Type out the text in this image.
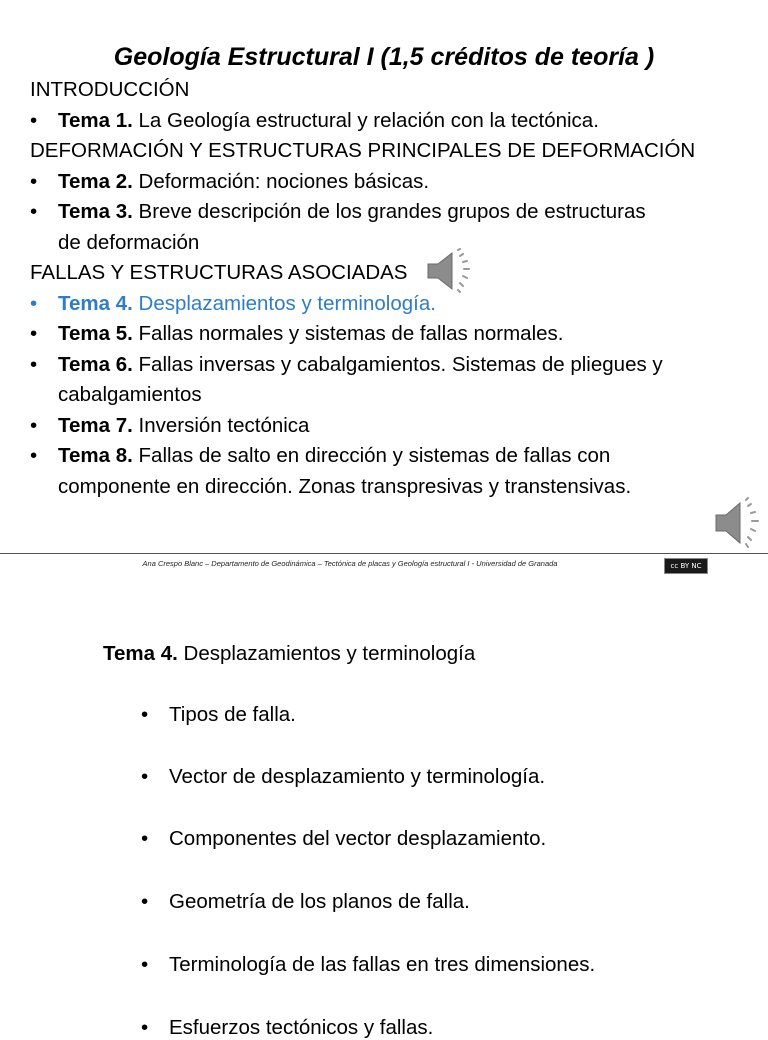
Geología Estructural I (1,5 créditos de teoría )
INTRODUCCIÓN
• Tema 1. La Geología estructural y relación con la tectónica.
DEFORMACIÓN Y ESTRUCTURAS PRINCIPALES DE DEFORMACIÓN
• Tema 2. Deformación: nociones básicas.
• Tema 3. Breve descripción de los grandes grupos de estructuras
de deformación
FALLAS Y ESTRUCTURAS ASOCIADAS
• Tema 4. Desplazamientos y terminología.
• Tema 5. Fallas normales y sistemas de fallas normales.
• Tema 6. Fallas inversas y cabalgamientos. Sistemas de pliegues y
cabalgamientos
• Tema 7. Inversión tectónica
• Tema 8. Fallas de salto en dirección y sistemas de fallas con
componente en dirección. Zonas transpresivas y transtensivas.
Ana Crespo Blanc – Departamento de Geodinámica – Tectónica de placas y Geología estructural I - Universidad de Granada	cc BY NC
Tema 4. Desplazamientos y terminología
• Tipos de falla.
• Vector de desplazamiento y terminología.
• Componentes del vector desplazamiento.
• Geometría de los planos de falla.
• Terminología de las fallas en tres dimensiones.
• Esfuerzos tectónicos y fallas.
